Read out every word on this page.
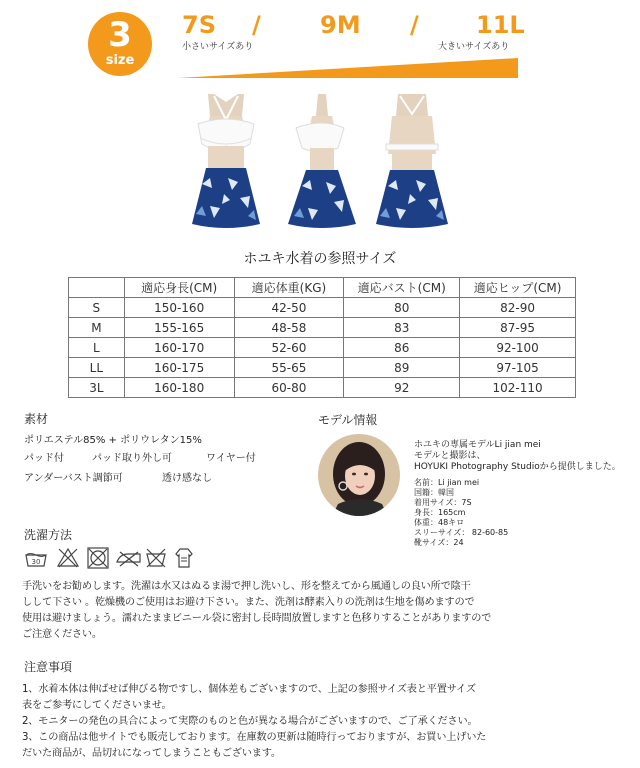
3
size
7S / 9M / 11L
小さいサイズあり	大きいサイズあり
ホユキ水着の参照サイズ
	適応身長(CM)	適応体重(KG)	適応バスト(CM)	適応ヒップ(CM)
S	150-160	42-50	80	82-90
M	155-165	48-58	83	87-95
L	160-170	52-60	86	92-100
LL	160-175	55-65	89	97-105
3L	160-180	60-80	92	102-110
素材
ポリエステル85% + ポリウレタン15%
パッド付	パッド取り外し可	ワイヤー付
アンダーバスト調節可	透け感なし
モデル情報
ホユキの専属モデルLi jian mei
モデルと撮影は、
HOYUKI Photography Studioから提供しました。
名前：Li jian mei
国籍：韓国
着用サイズ：7S
身長：165cm
体重：48キロ
スリーサイズ： 82-60-85
靴サイズ：24
洗濯方法
30
手洗いをお勧めします。洗濯は水又はぬるま湯で押し洗いし、形を整えてから風通しの良い所で陰干
しして下さい 。乾燥機のご使用はお避け下さい。また、洗剤は酵素入りの洗剤は生地を傷めますので
使用は避けましょう。濡れたままビニール袋に密封し長時間放置しますと色移りすることがありますので
ご注意ください。
注意事項
1、水着本体は伸ばせば伸びる物ですし、個体差もございますので、上記の参照サイズ表と平置サイズ
表をご参考にしてくださいませ。
2、モニターの発色の具合によって実際のものと色が異なる場合がございますので、ご了承ください。
3、この商品は他サイトでも販売しております。在庫数の更新は随時行っておりますが、お買い上げいた
だいた商品が、品切れになってしまうこともございます。
